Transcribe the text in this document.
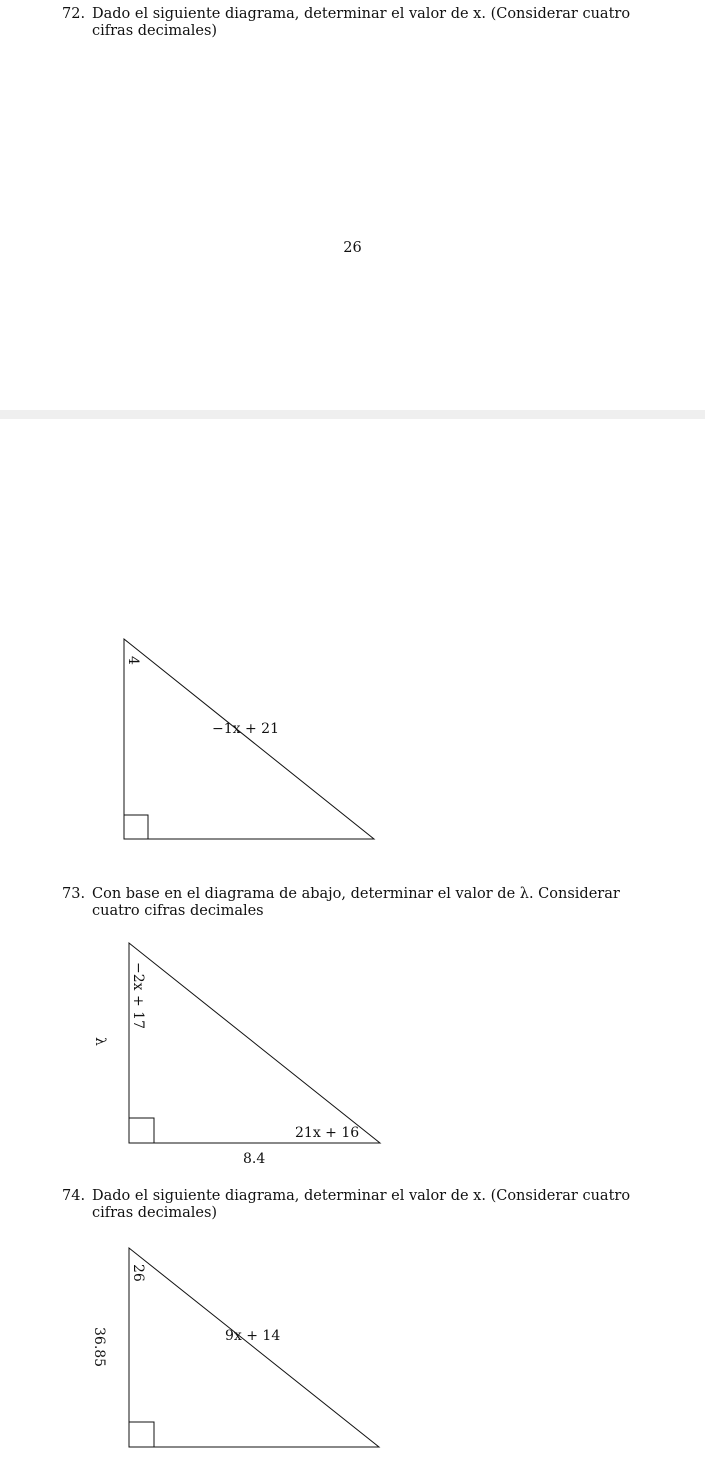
72. Dado el siguiente diagrama, determinar el valor de x. (Considerar cuatro
cifras decimales)
26
4
−1x + 21
73. Con base en el diagrama de abajo, determinar el valor de λ. Considerar
cuatro cifras decimales
λ
−2x + 17
21x + 16
8.4
74. Dado el siguiente diagrama, determinar el valor de x. (Considerar cuatro
cifras decimales)
36.85
26
9x + 14
